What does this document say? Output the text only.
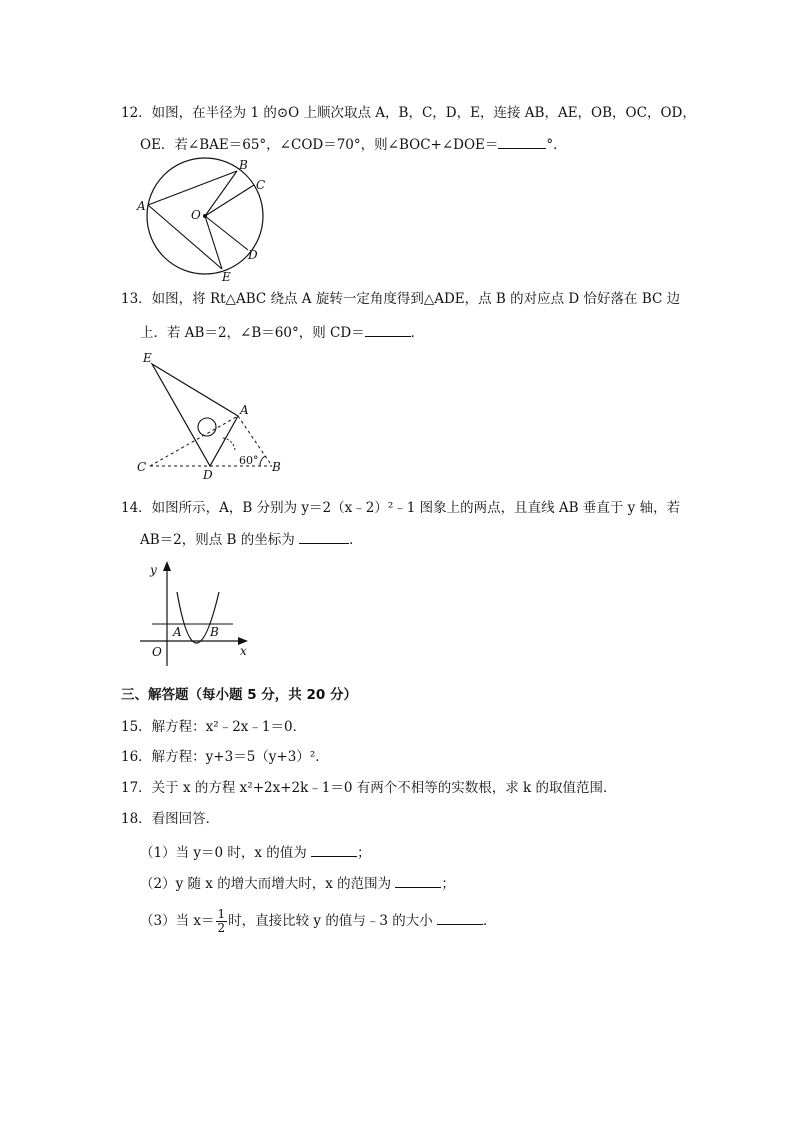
12．如图，在半径为 1 的⊙O 上顺次取点 A，B，C，D，E，连接 AB，AE，OB，OC，OD，
OE．若∠BAE＝65°，∠COD＝70°，则∠BOC+∠DOE＝	°．
A
B
C
D
E
O
13．如图，将 Rt△ABC 绕点 A 旋转一定角度得到△ADE，点 B 的对应点 D 恰好落在 BC 边
上．若 AB＝2，∠B＝60°，则 CD＝	．
E
A
C
D
B
60°
14．如图所示，A，B 分别为 y＝2（x﹣2）²﹣1 图象上的两点，且直线 AB 垂直于 y 轴，若
AB＝2，则点 B 的坐标为	．
y
x
O
A B
三、解答题（每小题 5 分，共 20 分）
15．解方程：x²﹣2x﹣1＝0．
16．解方程：y+3＝5（y+3）²．
17．关于 x 的方程 x²+2x+2k﹣1＝0 有两个不相等的实数根，求 k 的取值范围．
18．看图回答．
（1）当 y＝0 时，x 的值为	；
（2）y 随 x 的增大而增大时，x 的范围为	；
（3）当 $x= \frac{1}{2}$ 时，直接比较 y 的值与﹣3 的大小	．
